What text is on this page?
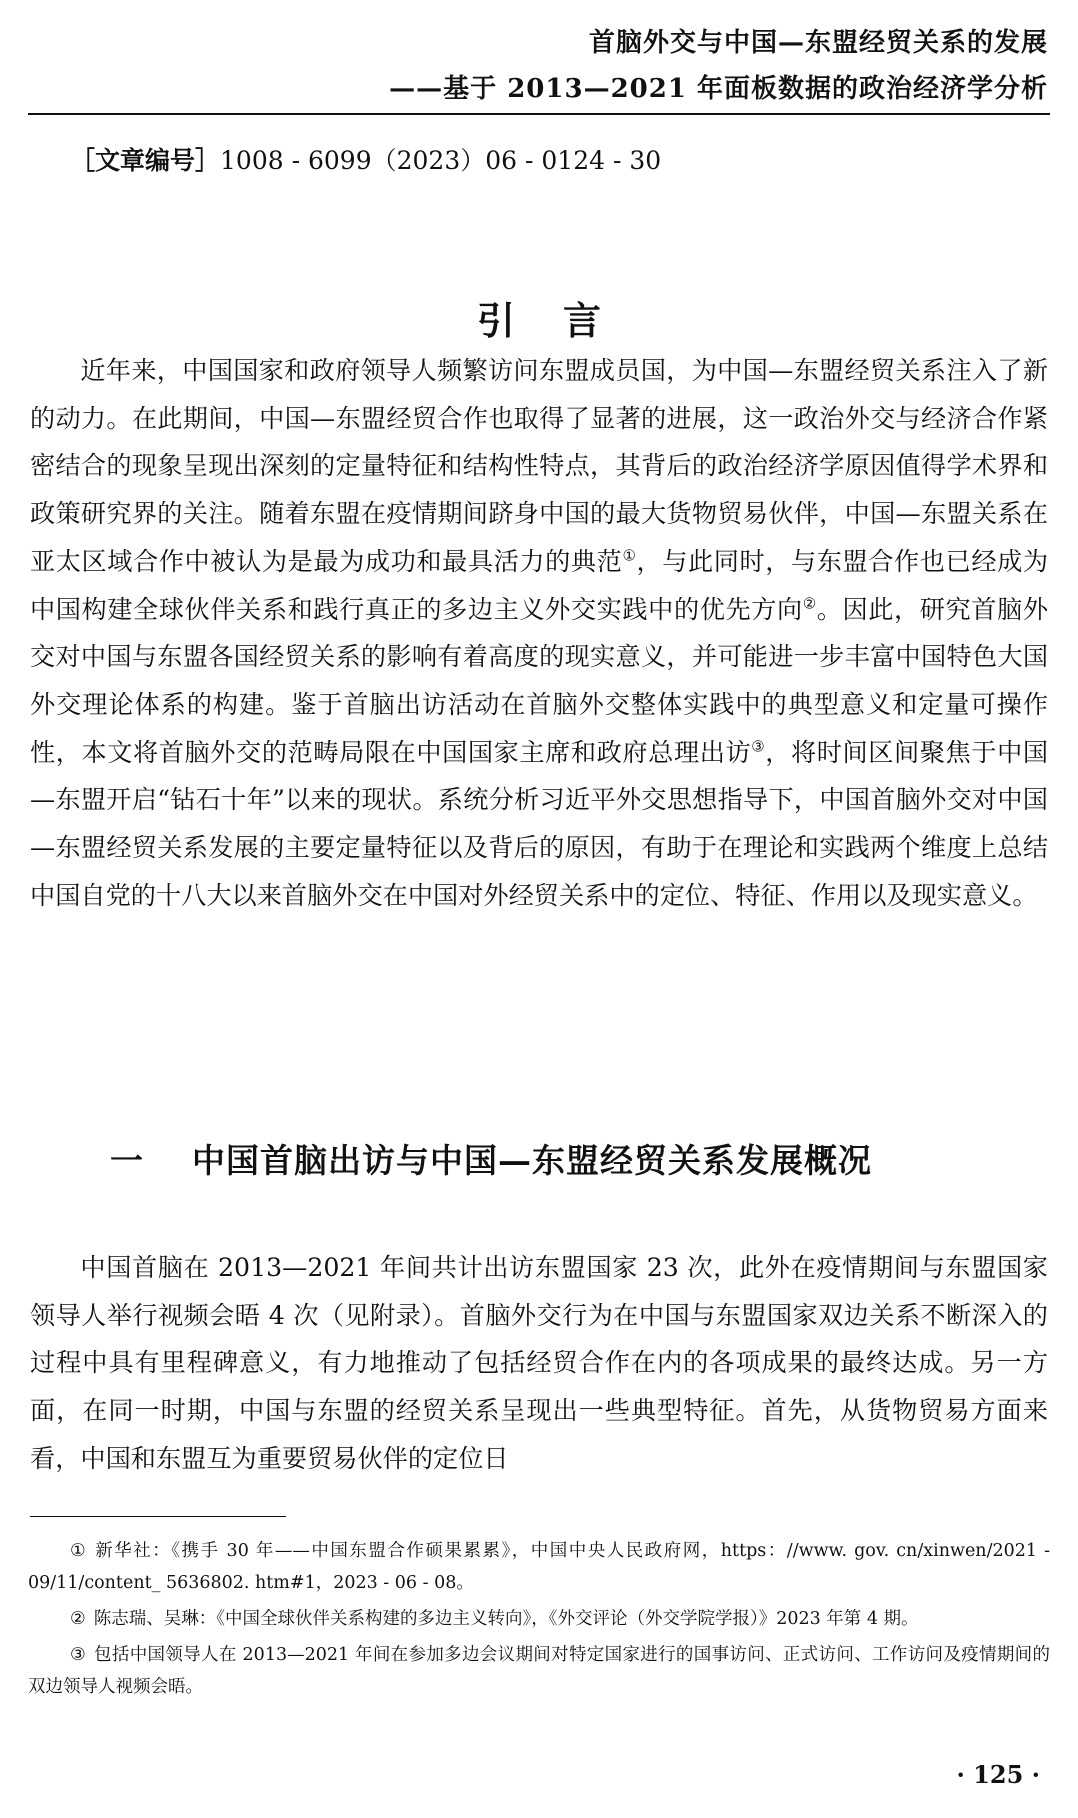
首脑外交与中国—东盟经贸关系的发展
——基于 2013—2021 年面板数据的政治经济学分析
［文章编号］1008 - 6099（2023）06 - 0124 - 30
引言

近年来，中国国家和政府领导人频繁访问东盟成员国，为中国—东盟经贸关系注入了新的动力。在此期间，中国—东盟经贸合作也取得了显著的进展，这一政治外交与经济合作紧密结合的现象呈现出深刻的定量特征和结构性特点，其背后的政治经济学原因值得学术界和政策研究界的关注。随着东盟在疫情期间跻身中国的最大货物贸易伙伴，中国—东盟关系在亚太区域合作中被认为是最为成功和最具活力的典范①，与此同时，与东盟合作也已经成为中国构建全球伙伴关系和践行真正的多边主义外交实践中的优先方向②。因此，研究首脑外交对中国与东盟各国经贸关系的影响有着高度的现实意义，并可能进一步丰富中国特色大国外交理论体系的构建。鉴于首脑出访活动在首脑外交整体实践中的典型意义和定量可操作性，本文将首脑外交的范畴局限在中国国家主席和政府总理出访③，将时间区间聚焦于中国—东盟开启“钻石十年”以来的现状。系统分析习近平外交思想指导下，中国首脑外交对中国—东盟经贸关系发展的主要定量特征以及背后的原因，有助于在理论和实践两个维度上总结中国自党的十八大以来首脑外交在中国对外经贸关系中的定位、特征、作用以及现实意义。

一 中国首脑出访与中国—东盟经贸关系发展概况

中国首脑在 2013—2021 年间共计出访东盟国家 23 次，此外在疫情期间与东盟国家领导人举行视频会晤 4 次（见附录）。首脑外交行为在中国与东盟国家双边关系不断深入的过程中具有里程碑意义，有力地推动了包括经贸合作在内的各项成果的最终达成。另一方面，在同一时期，中国与东盟的经贸关系呈现出一些典型特征。首先，从货物贸易方面来看，中国和东盟互为重要贸易伙伴的定位日

① 新华社：《携手 30 年——中国东盟合作硕果累累》，中国中央人民政府网，https：//www. gov. cn/xinwen/2021 - 09/11/content_ 5636802. htm#1，2023 - 06 - 08。

② 陈志瑞、吴琳：《中国全球伙伴关系构建的多边主义转向》，《外交评论（外交学院学报）》2023 年第 4 期。

③ 包括中国领导人在 2013—2021 年间在参加多边会议期间对特定国家进行的国事访问、正式访问、工作访问及疫情期间的双边领导人视频会晤。

· 125 ·
